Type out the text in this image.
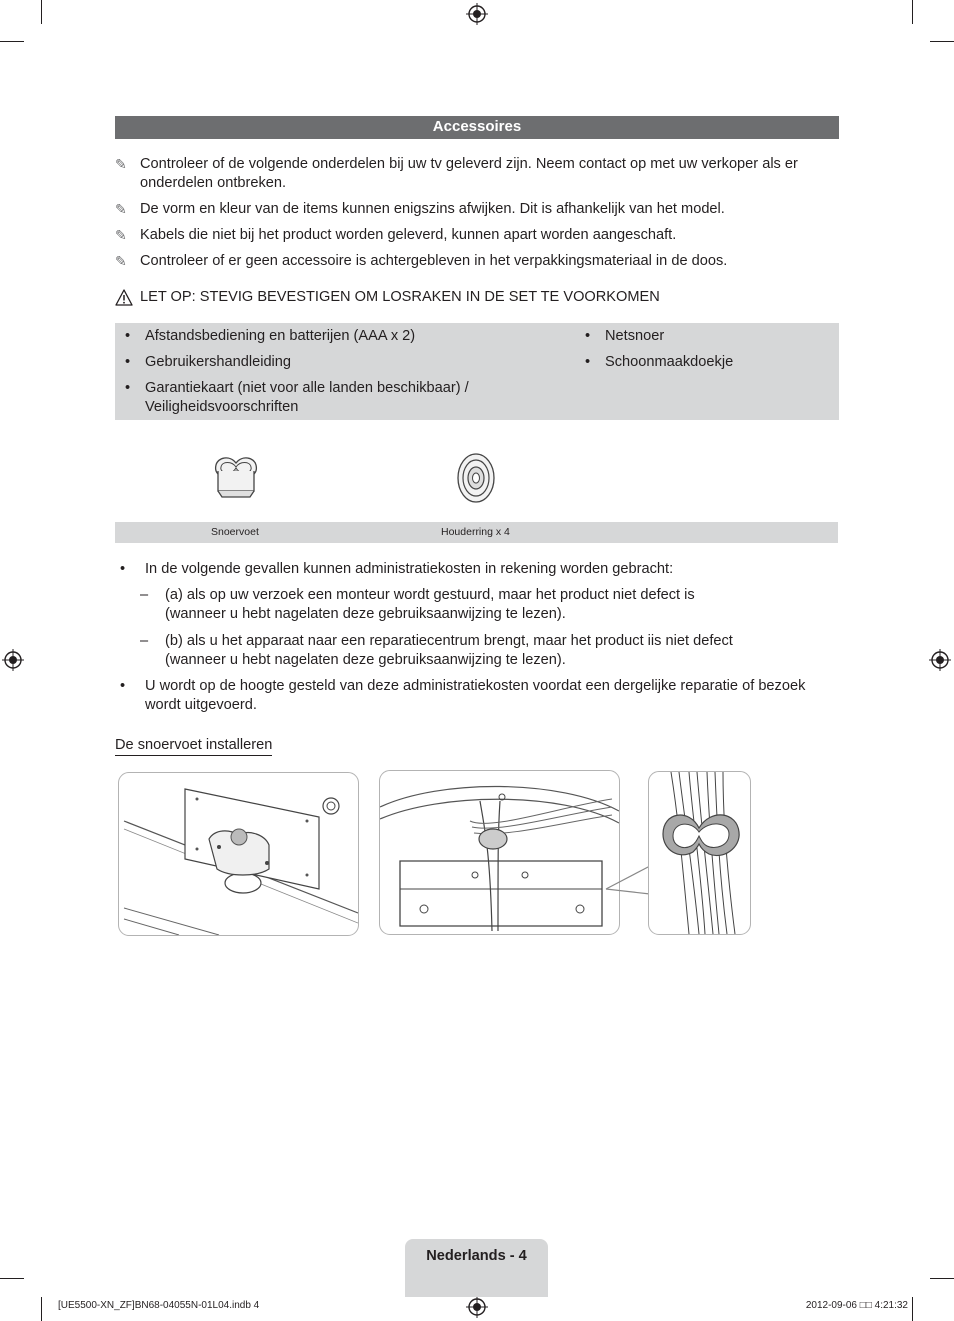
Accessoires
✎ Controleer of de volgende onderdelen bij uw tv geleverd zijn. Neem contact op met uw verkoper als er onderdelen ontbreken.
✎ De vorm en kleur van de items kunnen enigszins afwijken. Dit is afhankelijk van het model.
✎ Kabels die niet bij het product worden geleverd, kunnen apart worden aangeschaft.
✎ Controleer of er geen accessoire is achtergebleven in het verpakkingsmateriaal in de doos.
LET OP: STEVIG BEVESTIGEN OM LOSRAKEN IN DE SET TE VOORKOMEN
• Afstandsbediening en batterijen (AAA x 2)
• Gebruikershandleiding
• Garantiekaart (niet voor alle landen beschikbaar) / Veiligheidsvoorschriften
• Netsnoer
• Schoonmaakdoekje
Snoervoet	Houderring x 4
• In de volgende gevallen kunnen administratiekosten in rekening worden gebracht:
– (a) als op uw verzoek een monteur wordt gestuurd, maar het product niet defect is (wanneer u hebt nagelaten deze gebruiksaanwijzing te lezen).
– (b) als u het apparaat naar een reparatiecentrum brengt, maar het product iis niet defect (wanneer u hebt nagelaten deze gebruiksaanwijzing te lezen).
• U wordt op de hoogte gesteld van deze administratiekosten voordat een dergelijke reparatie of bezoek wordt uitgevoerd.
De snoervoet installeren
Nederlands - 4
[UE5500-XN_ZF]BN68-04055N-01L04.indb 4	2012-09-06 □□ 4:21:32
